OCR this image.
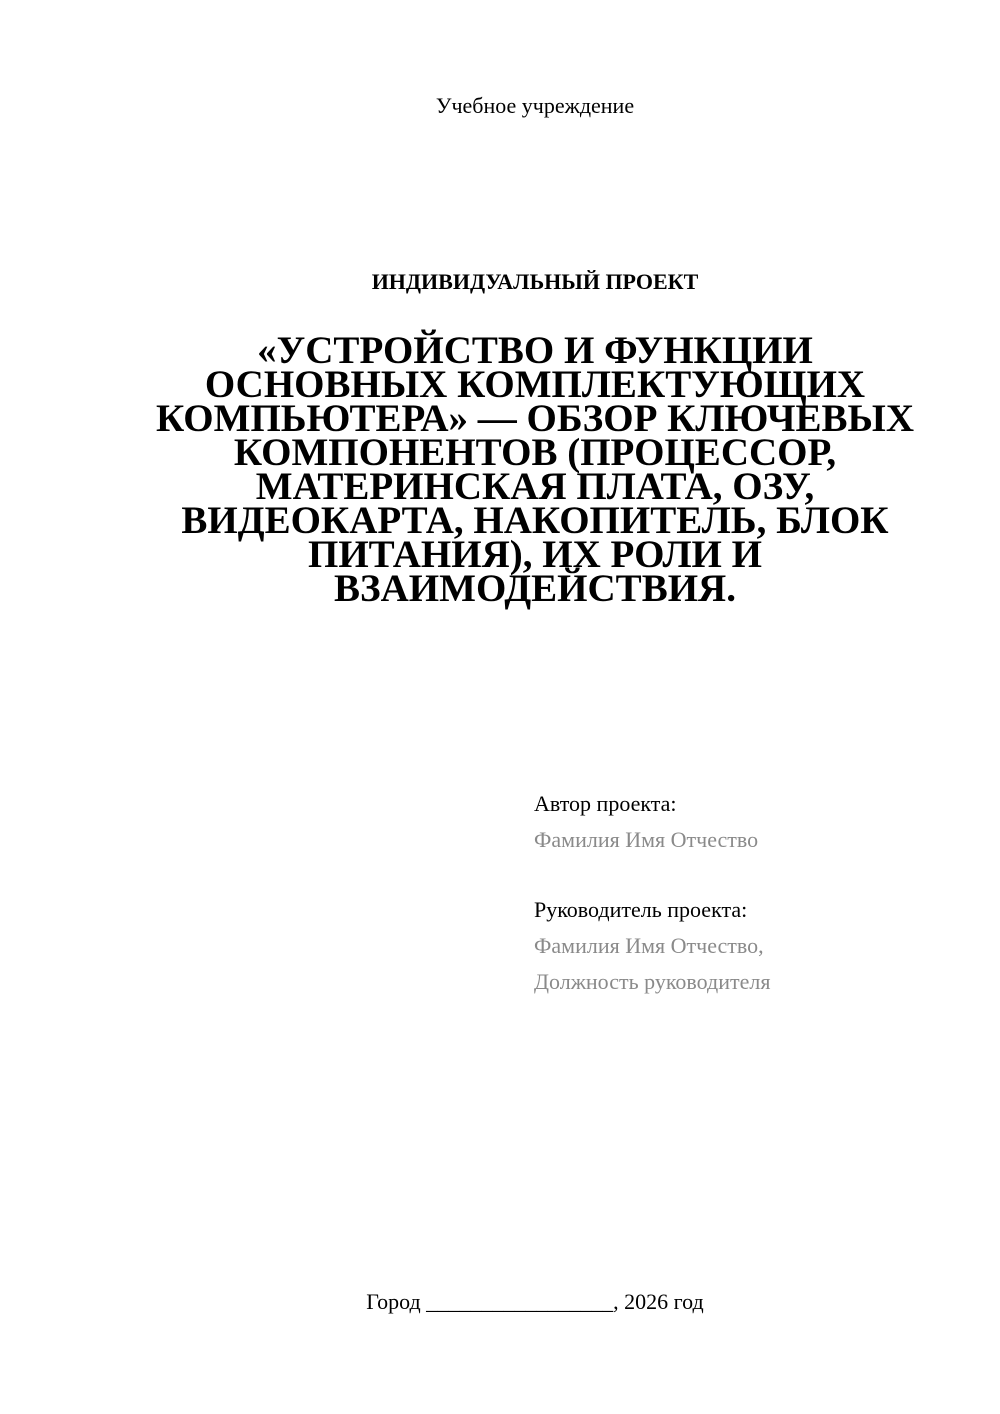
Учебное учреждение
ИНДИВИДУАЛЬНЫЙ ПРОЕКТ
«УСТРОЙСТВО И ФУНКЦИИ ОСНОВНЫХ КОМПЛЕКТУЮЩИХ КОМПЬЮТЕРА» — ОБЗОР КЛЮЧЕВЫХ КОМПОНЕНТОВ (ПРОЦЕССОР, МАТЕРИНСКАЯ ПЛАТА, ОЗУ, ВИДЕОКАРТА, НАКОПИТЕЛЬ, БЛОК ПИТАНИЯ), ИХ РОЛИ И ВЗАИМОДЕЙСТВИЯ.
Автор проекта:
Фамилия Имя Отчество
Руководитель проекта:
Фамилия Имя Отчество,
Должность руководителя
Город _________________, 2026 год
